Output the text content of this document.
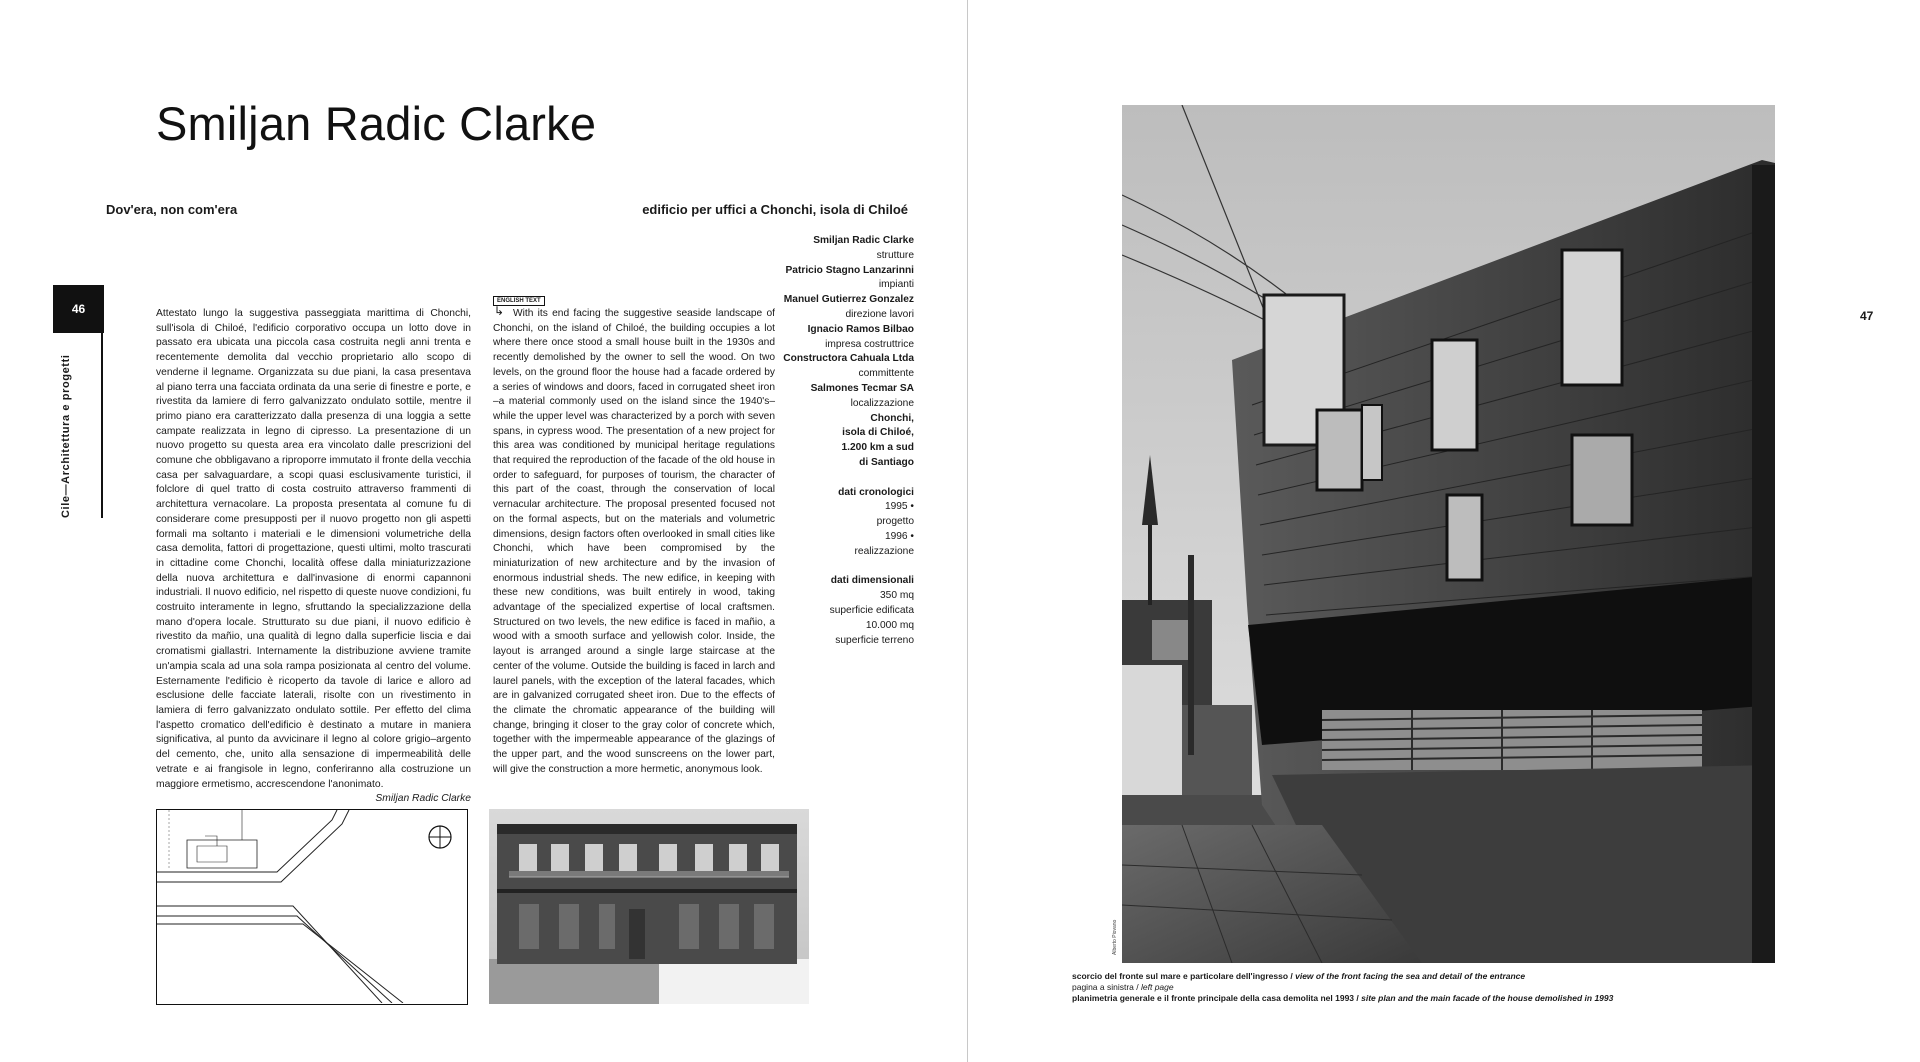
Smiljan Radic Clarke
Dov'era, non com'era	edificio per uffici a Chonchi, isola di Chiloé
46
Cile—Architettura e progetti
Attestato lungo la suggestiva passeggiata marittima di Chonchi, sull'isola di Chiloé, l'edificio corporativo occupa un lotto dove in passato era ubicata una piccola casa costruita negli anni trenta e recentemente demolita dal vecchio proprietario allo scopo di venderne il legname. Organizzata su due piani, la casa presentava al piano terra una facciata ordinata da una serie di finestre e porte, e rivestita da lamiere di ferro galvanizzato ondulato sottile, mentre il primo piano era caratterizzato dalla presenza di una loggia a sette campate realizzata in legno di cipresso. La presentazione di un nuovo progetto su questa area era vincolato dalle prescrizioni del comune che obbligavano a riproporre immutato il fronte della vecchia casa per salvaguardare, a scopi quasi esclusivamente turistici, il folclore di quel tratto di costa costruito attraverso frammenti di architettura vernacolare. La proposta presentata al comune fu di considerare come presupposti per il nuovo progetto non gli aspetti formali ma soltanto i materiali e le dimensioni volumetriche della casa demolita, fattori di progettazione, questi ultimi, molto trascurati in cittadine come Chonchi, località offese dalla miniaturizzazione della nuova architettura e dall'invasione di enormi capannoni industriali. Il nuovo edificio, nel rispetto di queste nuove condizioni, fu costruito interamente in legno, sfruttando la specializzazione della mano d'opera locale. Strutturato su due piani, il nuovo edificio è rivestito da mañio, una qualità di legno dalla superficie liscia e dai cromatismi giallastri. Internamente la distribuzione avviene tramite un'ampia scala ad una sola rampa posizionata al centro del volume. Esternamente l'edificio è ricoperto da tavole di larice e alloro ad esclusione delle facciate laterali, risolte con un rivestimento in lamiera di ferro galvanizzato ondulato sottile. Per effetto del clima l'aspetto cromatico dell'edificio è destinato a mutare in maniera significativa, al punto da avvicinare il legno al colore grigio–argento del cemento, che, unito alla sensazione di impermeabilità delle vetrate e ai frangisole in legno, conferiranno alla costruzione un maggiore ermetismo, accrescendone l'anonimato.
Smiljan Radic Clarke
ENGLISH TEXT
↳ With its end facing the suggestive seaside landscape of Chonchi, on the island of Chiloé, the building occupies a lot where there once stood a small house built in the 1930s and recently demolished by the owner to sell the wood. On two levels, on the ground floor the house had a facade ordered by a series of windows and doors, faced in corrugated sheet iron –a material commonly used on the island since the 1940's– while the upper level was characterized by a porch with seven spans, in cypress wood. The presentation of a new project for this area was conditioned by municipal heritage regulations that required the reproduction of the facade of the old house in order to safeguard, for purposes of tourism, the character of this part of the coast, through the conservation of local vernacular architecture. The proposal presented focused not on the formal aspects, but on the materials and volumetric dimensions, design factors often overlooked in small cities like Chonchi, which have been compromised by the miniaturization of new architecture and by the invasion of enormous industrial sheds. The new edifice, in keeping with these new conditions, was built entirely in wood, taking advantage of the specialized expertise of local craftsmen. Structured on two levels, the new edifice is faced in mañio, a wood with a smooth surface and yellowish color. Inside, the layout is arranged around a single large staircase at the center of the volume. Outside the building is faced in larch and laurel panels, with the exception of the lateral facades, which are in galvanized corrugated sheet iron. Due to the effects of the climate the chromatic appearance of the building will change, bringing it closer to the gray color of concrete which, together with the impermeable appearance of the glazings of the upper part, and the wood sunscreens on the lower part, will give the construction a more hermetic, anonymous look.
Smiljan Radic Clarke
strutture
Patricio Stagno Lanzarinni
impianti
Manuel Gutierrez Gonzalez
direzione lavori
Ignacio Ramos Bilbao
impresa costruttrice
Constructora Cahuala Ltda
committente
Salmones Tecmar SA
localizzazione
Chonchi,
isola di Chiloé,
1.200 km a sud
di Santiago
dati cronologici
1995 •
progetto
1996 •
realizzazione
dati dimensionali
350 mq
superficie edificata
10.000 mq
superficie terreno
Alberto Piovano
47
scorcio del fronte sul mare e particolare dell'ingresso / view of the front facing the sea and detail of the entrance
pagina a sinistra / left page
planimetria generale e il fronte principale della casa demolita nel 1993 / site plan and the main facade of the house demolished in 1993
